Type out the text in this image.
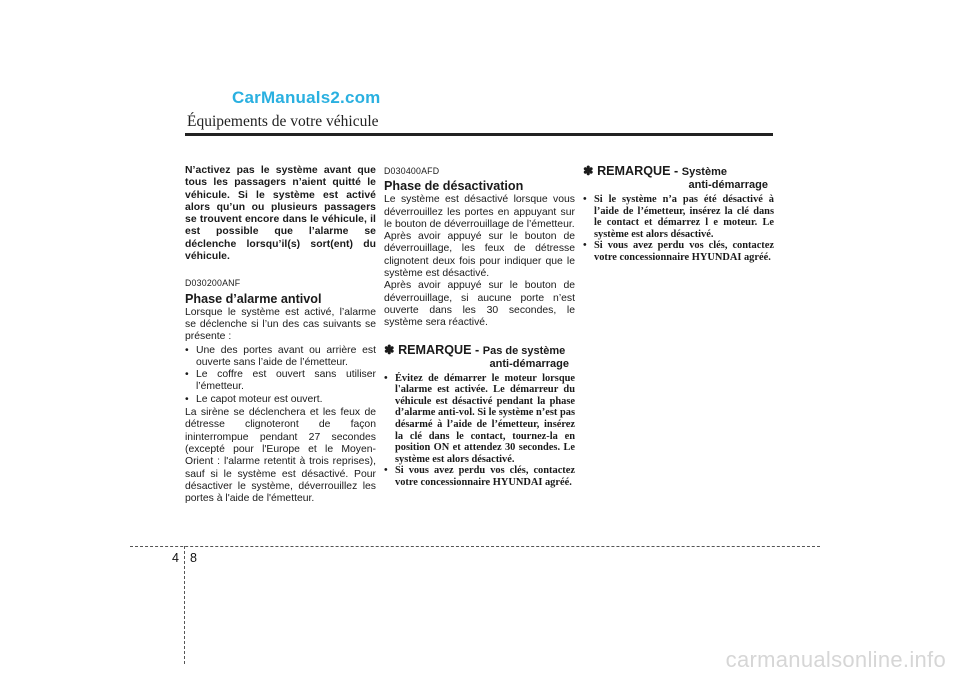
CarManuals2.com
Équipements de votre véhicule

N’activez pas le système avant que tous les passagers n’aient quitté le véhicule. Si le système est activé alors qu’un ou plusieurs passagers se trouvent encore dans le véhicule, il est possible que l’alarme se déclenche lorsqu’il(s) sort(ent) du véhicule.

D030200ANF
Phase d’alarme antivol

Lorsque le système est activé, l’alarme se déclenche si l’un des cas suivants se présente :

• Une des portes avant ou arrière est ouverte sans l’aide de l’émetteur.
• Le coffre est ouvert sans utiliser l’émetteur.
• Le capot moteur est ouvert.

La sirène se déclenchera et les feux de détresse clignoteront de façon ininterrompue pendant 27 secondes (excepté pour l'Europe et le Moyen-Orient : l'alarme retentit à trois reprises), sauf si le système est désactivé. Pour désactiver le système, déverrouillez les portes à l'aide de l'émetteur.

D030400AFD
Phase de désactivation

Le système est désactivé lorsque vous déverrouillez les portes en appuyant sur le bouton de déverrouillage de l’émetteur.

Après avoir appuyé sur le bouton de déverrouillage, les feux de détresse clignotent deux fois pour indiquer que le système est désactivé.

Après avoir appuyé sur le bouton de déverrouillage, si aucune porte n’est ouverte dans les 30 secondes, le système sera réactivé.

✽ REMARQUE - Pas de système
anti-démarrage
• Évitez de démarrer le moteur lorsque l'alarme est activée. Le démarreur du véhicule est désactivé pendant la phase d’alarme anti-vol. Si le système n’est pas désarmé à l’aide de l’émetteur, insérez la clé dans le contact, tournez-la en position ON et attendez 30 secondes. Le système est alors désactivé.
• Si vous avez perdu vos clés, contactez votre concessionnaire HYUNDAI agréé.
✽ REMARQUE - Système
anti-démarrage
• Si le système n’a pas été désactivé à l’aide de l’émetteur, insérez la clé dans le contact et démarrez l e moteur. Le système est alors désactivé.
• Si vous avez perdu vos clés, contactez votre concessionnaire HYUNDAI agréé.
4 8
carmanualsonline.info
